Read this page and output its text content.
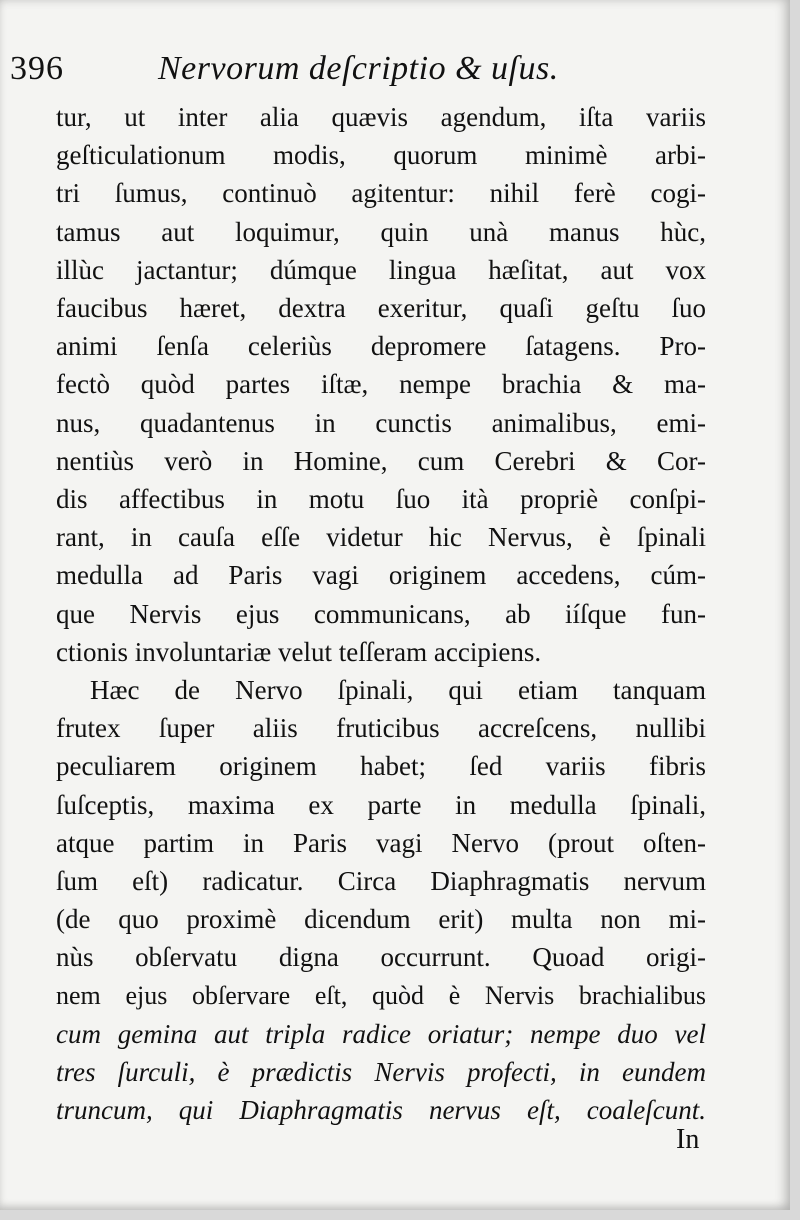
396	Nervorum deſcriptio & uſus.
tur, ut inter alia quævis agendum, iſta variis
geſticulationum modis, quorum minimè arbi-
tri ſumus, continuò agitentur: nihil ferè cogi-
tamus aut loquimur, quin unà manus hùc,
illùc jactantur; dúmque lingua hæſitat, aut vox
faucibus hæret, dextra exeritur, quaſi geſtu ſuo
animi ſenſa celeriùs depromere ſatagens. Pro-
fectò quòd partes iſtæ, nempe brachia & ma-
nus, quadantenus in cunctis animalibus, emi-
nentiùs verò in Homine, cum Cerebri & Cor-
dis affectibus in motu ſuo ità propriè conſpi-
rant, in cauſa eſſe videtur hic Nervus, è ſpinali
medulla ad Paris vagi originem accedens, cúm-
que Nervis ejus communicans, ab iíſque fun-
ctionis involuntariæ velut teſſeram accipiens.
Hæc de Nervo ſpinali, qui etiam tanquam
frutex ſuper aliis fruticibus accreſcens, nullibi
peculiarem originem habet; ſed variis fibris
ſuſceptis, maxima ex parte in medulla ſpinali,
atque partim in Paris vagi Nervo (prout oſten-
ſum eſt) radicatur. Circa Diaphragmatis nervum
(de quo proximè dicendum erit) multa non mi-
nùs obſervatu digna occurrunt. Quoad origi-
nem ejus obſervare eſt, quòd è Nervis brachialibus
cum gemina aut tripla radice oriatur; nempe duo vel
tres ſurculi, è prædictis Nervis profecti, in eundem
truncum, qui Diaphragmatis nervus eſt, coaleſcunt.
In
